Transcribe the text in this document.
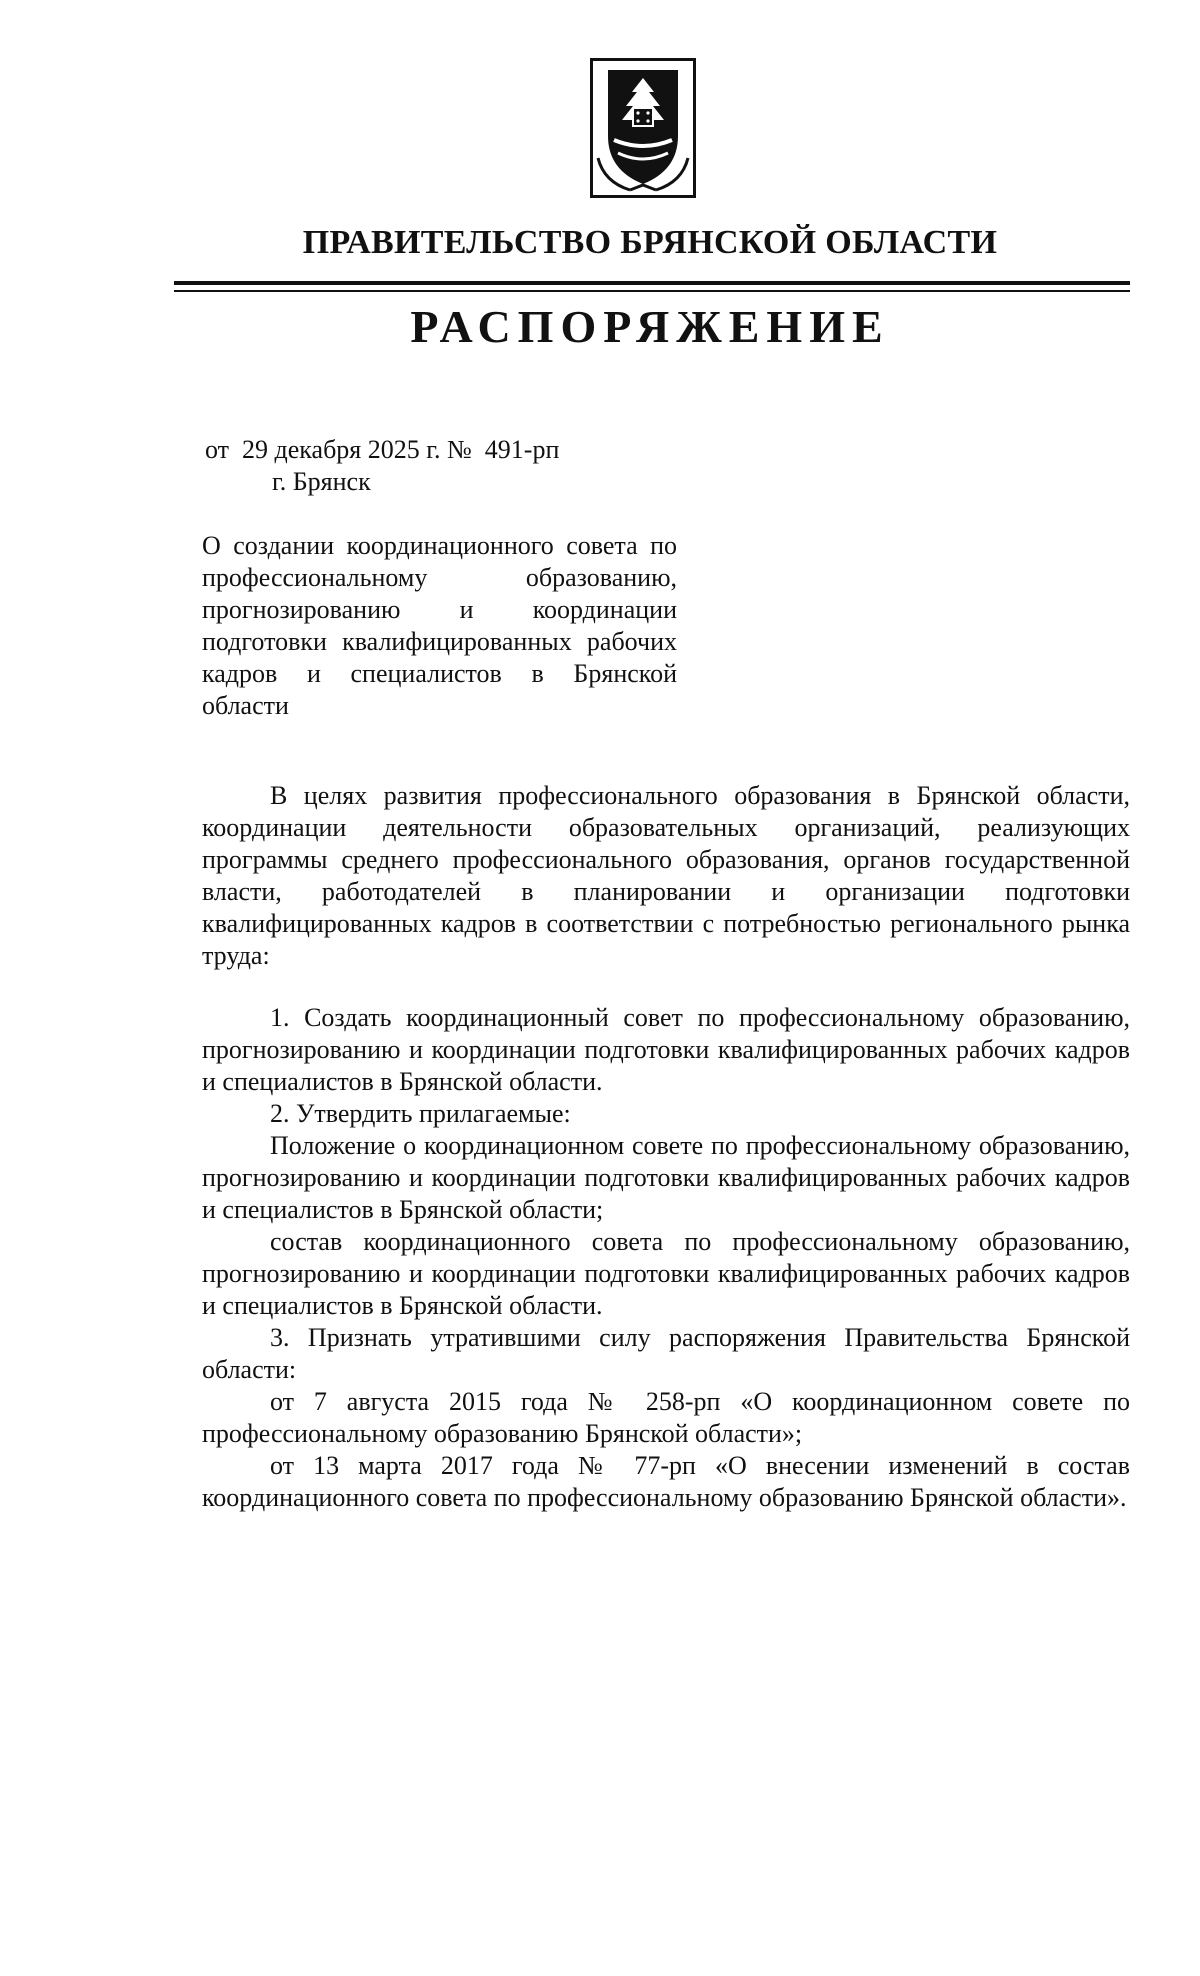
ПРАВИТЕЛЬСТВО БРЯНСКОЙ ОБЛАСТИ
РАСПОРЯЖЕНИЕ
от  29 декабря 2025 г. №  491-рп
г. Брянск
О создании координационного совета по профессиональному образованию, прогнозированию и координации подготовки квалифицированных рабочих кадров и специалистов в Брянской области

В целях развития профессионального образования в Брянской области, координации деятельности образовательных организаций, реализующих программы среднего профессионального образования, органов государственной власти, работодателей в планировании и организации подготовки квалифицированных кадров в соответствии с потребностью регионального рынка труда:

1. Создать координационный совет по профессиональному образованию, прогнозированию и координации подготовки квалифицированных рабочих кадров и специалистов в Брянской области.

2. Утвердить прилагаемые:

Положение о координационном совете по профессиональному образованию, прогнозированию и координации подготовки квалифицированных рабочих кадров и специалистов в Брянской области;

состав координационного совета по профессиональному образованию, прогнозированию и координации подготовки квалифицированных рабочих кадров и специалистов в Брянской области.

3. Признать утратившими силу распоряжения Правительства Брянской области:

от 7 августа 2015 года № 258-рп «О координационном совете по профессиональному образованию Брянской области»;

от 13 марта 2017 года № 77-рп «О внесении изменений в состав координационного совета по профессиональному образованию Брянской области».
